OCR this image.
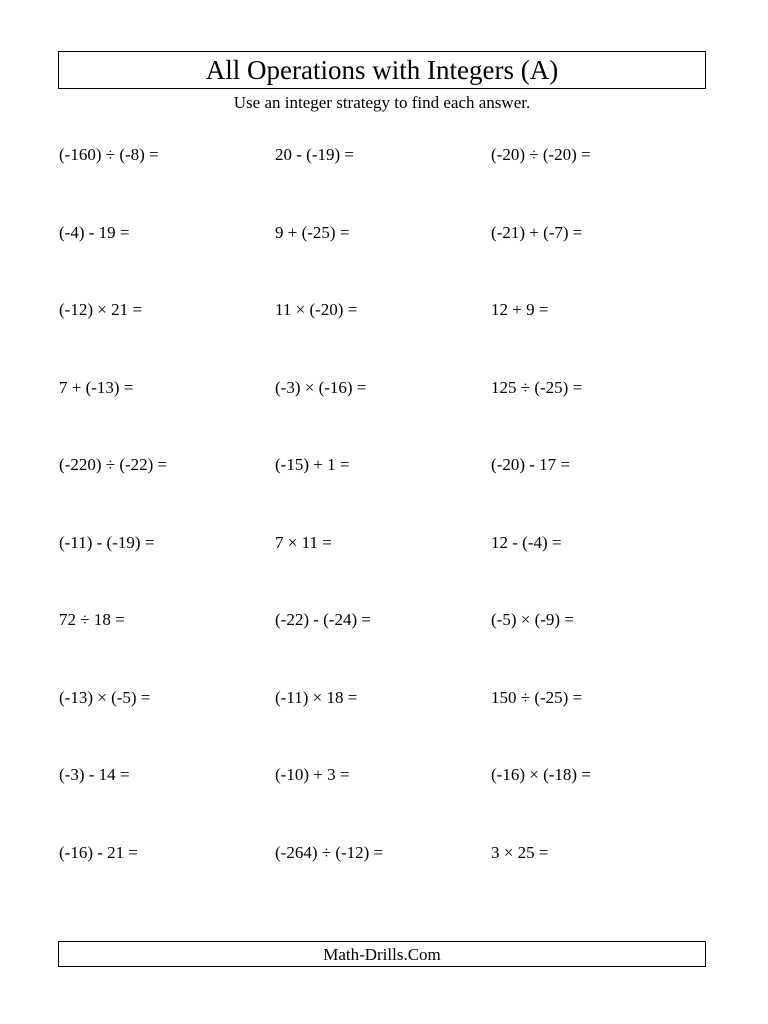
All Operations with Integers (A)
Use an integer strategy to find each answer.
(-160) ÷ (-8) =	20 - (-19) =	(-20) ÷ (-20) =
(-4) - 19 =	9 + (-25) =	(-21) + (-7) =
(-12) × 21 =	11 × (-20) =	12 + 9 =
7 + (-13) =	(-3) × (-16) =	125 ÷ (-25) =
(-220) ÷ (-22) =	(-15) + 1 =	(-20) - 17 =
(-11) - (-19) =	7 × 11 =	12 - (-4) =
72 ÷ 18 =	(-22) - (-24) =	(-5) × (-9) =
(-13) × (-5) =	(-11) × 18 =	150 ÷ (-25) =
(-3) - 14 =	(-10) + 3 =	(-16) × (-18) =
(-16) - 21 =	(-264) ÷ (-12) =	3 × 25 =
Math-Drills.Com
